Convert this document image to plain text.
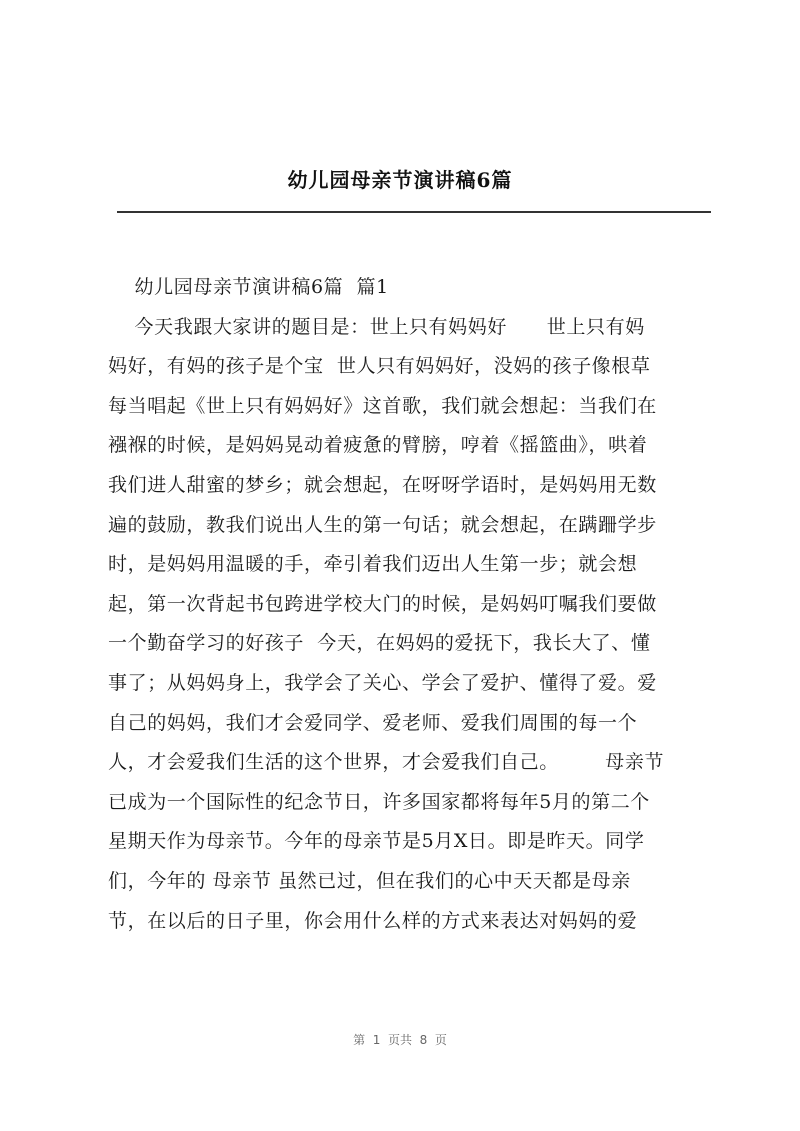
幼儿园母亲节演讲稿6篇
幼儿园母亲节演讲稿6篇  篇1
今天我跟大家讲的题目是：世上只有妈妈好      世上只有妈
妈好，有妈的孩子是个宝  世人只有妈妈好，没妈的孩子像根草
每当唱起《世上只有妈妈好》这首歌，我们就会想起：当我们在
襁褓的时候，是妈妈晃动着疲惫的臂膀，哼着《摇篮曲》，哄着
我们进人甜蜜的梦乡；就会想起，在呀呀学语时，是妈妈用无数
遍的鼓励，教我们说出人生的第一句话；就会想起，在蹒跚学步
时，是妈妈用温暖的手，牵引着我们迈出人生第一步；就会想
起，第一次背起书包跨进学校大门的时候，是妈妈叮嘱我们要做
一个勤奋学习的好孩子  今天，在妈妈的爱抚下，我长大了、懂
事了；从妈妈身上，我学会了关心、学会了爱护、懂得了爱。爱
自己的妈妈，我们才会爱同学、爱老师、爱我们周围的每一个
人，才会爱我们生活的这个世界，才会爱我们自己。       母亲节
已成为一个国际性的纪念节日，许多国家都将每年5月的第二个
星期天作为母亲节。今年的母亲节是5月X日。即是昨天。同学
们，今年的 母亲节 虽然已过，但在我们的心中天天都是母亲
节，在以后的日子里，你会用什么样的方式来表达对妈妈的爱
第  1  页共  8  页
